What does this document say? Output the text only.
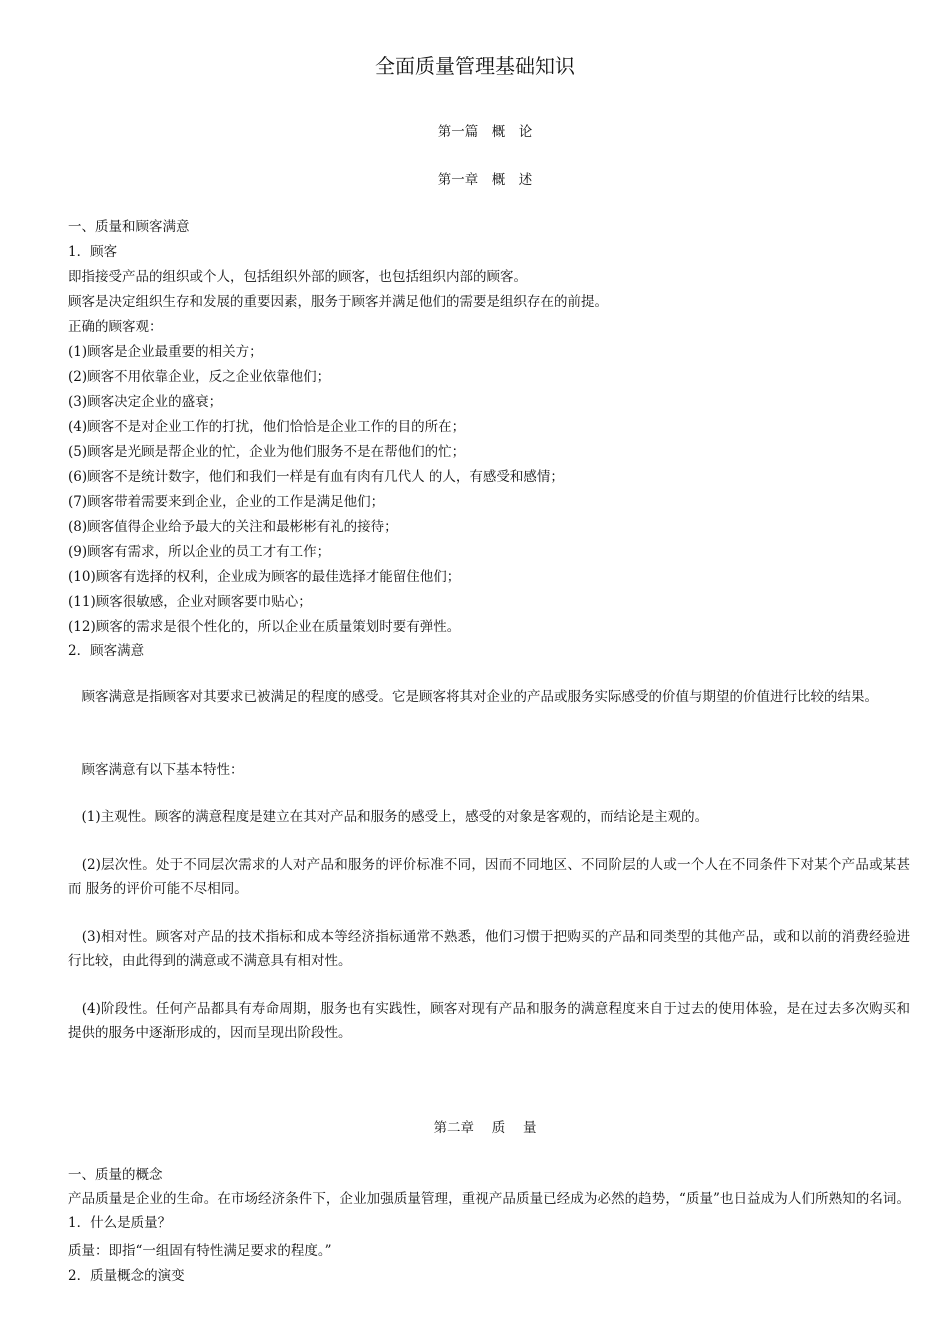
全面质量管理基础知识
第一篇　概　论
第一章　概　述
一、质量和顾客满意
1．顾客
即指接受产品的组织或个人，包括组织外部的顾客，也包括组织内部的顾客。
顾客是决定组织生存和发展的重要因素，服务于顾客并满足他们的需要是组织存在的前提。
正确的顾客观：
(1)顾客是企业最重要的相关方；
(2)顾客不用依靠企业，反之企业依靠他们；
(3)顾客决定企业的盛衰；
(4)顾客不是对企业工作的打扰，他们恰恰是企业工作的目的所在；
(5)顾客是光顾是帮企业的忙，企业为他们服务不是在帮他们的忙；
(6)顾客不是统计数字，他们和我们一样是有血有肉有几代人 的人，有感受和感情；
(7)顾客带着需要来到企业，企业的工作是满足他们；
(8)顾客值得企业给予最大的关注和最彬彬有礼的接待；
(9)顾客有需求，所以企业的员工才有工作；
(10)顾客有选择的权利，企业成为顾客的最佳选择才能留住他们；
(11)顾客很敏感，企业对顾客要巾贴心；
(12)顾客的需求是很个性化的，所以企业在质量策划时要有弹性。
2．顾客满意
　顾客满意是指顾客对其要求已被满足的程度的感受。它是顾客将其对企业的产品或服务实际感受的价值与期望的价值进行比较的结果。
　顾客满意有以下基本特性：
　(1)主观性。顾客的满意程度是建立在其对产品和服务的感受上，感受的对象是客观的，而结论是主观的。
　(2)层次性。处于不同层次需求的人对产品和服务的评价标准不同，因而不同地区、不同阶层的人或一个人在不同条件下对某个产品或某甚而 服务的评价可能不尽相同。
　(3)相对性。顾客对产品的技术指标和成本等经济指标通常不熟悉，他们习惯于把购买的产品和同类型的其他产品，或和以前的消费经验进行比较，由此得到的满意或不满意具有相对性。
　(4)阶段性。任何产品都具有寿命周期，服务也有实践性，顾客对现有产品和服务的满意程度来自于过去的使用体验，是在过去多次购买和提供的服务中逐渐形成的，因而呈现出阶段性。
第二章　 质　 量
一、质量的概念
产品质量是企业的生命。在市场经济条件下，企业加强质量管理，重视产品质量已经成为必然的趋势，“质量”也日益成为人们所熟知的名词。 1．什么是质量？
质量：即指“一组固有特性满足要求的程度。”
2．质量概念的演变
